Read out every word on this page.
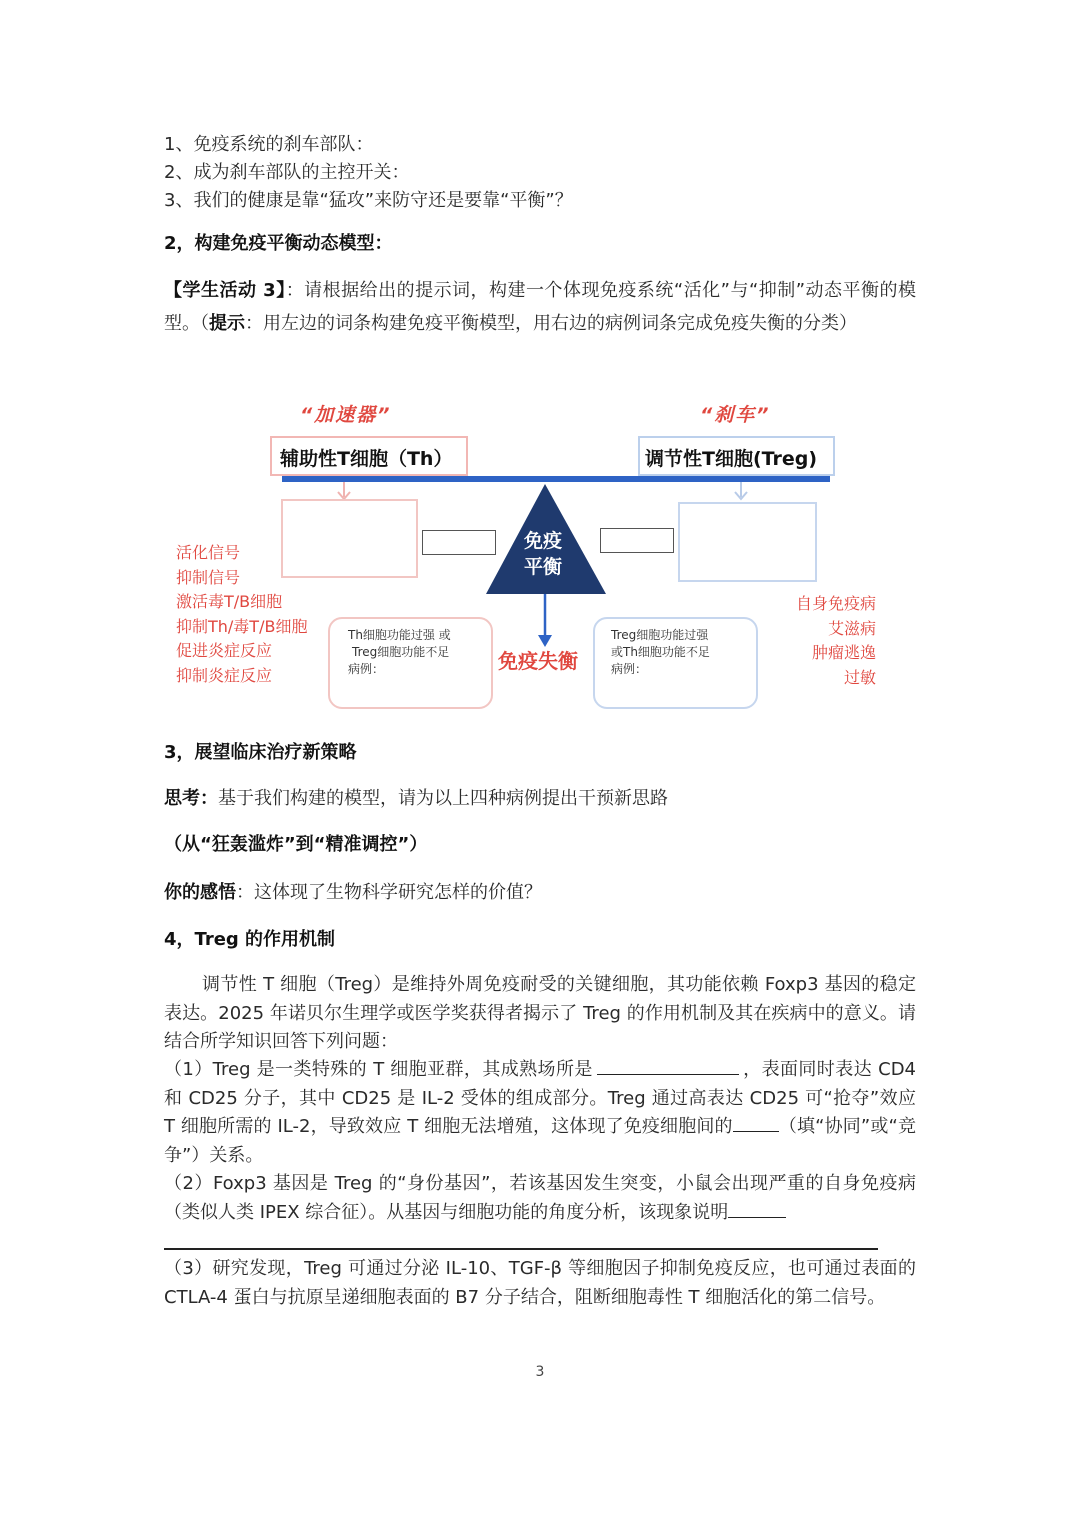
1、免疫系统的刹车部队：
2、成为刹车部队的主控开关：
3、我们的健康是靠“猛攻”来防守还是要靠“平衡”？
2，构建免疫平衡动态模型：
【学生活动 3】：请根据给出的提示词，构建一个体现免疫系统“活化”与“抑制”动态平衡的模型。（提示：用左边的词条构建免疫平衡模型，用右边的病例词条完成免疫失衡的分类）
“加速器”	“刹车”
辅助性T细胞（Th）	调节性T细胞(Treg)
免疫
平衡
活化信号
抑制信号
激活毒T/B细胞
抑制Th/毒T/B细胞
促进炎症反应
抑制炎症反应
自身免疫病
艾滋病
肿瘤逃逸
过敏
Th细胞功能过强 或
Treg细胞功能不足
病例：
Treg细胞功能过强
或Th细胞功能不足
病例：
免疫失衡
3，展望临床治疗新策略
思考：基于我们构建的模型，请为以上四种病例提出干预新思路
（从“狂轰滥炸”到“精准调控”）
你的感悟：这体现了生物科学研究怎样的价值？
4，Treg 的作用机制
调节性 T 细胞（Treg）是维持外周免疫耐受的关键细胞，其功能依赖 Foxp3 基因的稳定表达。2025 年诺贝尔生理学或医学奖获得者揭示了 Treg 的作用机制及其在疾病中的意义。请结合所学知识回答下列问题：
（1）Treg 是一类特殊的 T 细胞亚群，其成熟场所是	，表面同时表达 CD4 和 CD25 分子，其中 CD25 是 IL-2 受体的组成部分。Treg 通过高表达 CD25 可“抢夺”效应 T 细胞所需的 IL-2，导致效应 T 细胞无法增殖，这体现了免疫细胞间的	（填“协同”或“竞争”）关系。
（2）Foxp3 基因是 Treg 的“身份基因”，若该基因发生突变，小鼠会出现严重的自身免疫病（类似人类 IPEX 综合征）。从基因与细胞功能的角度分析，该现象说明
（3）研究发现，Treg 可通过分泌 IL-10、TGF-β 等细胞因子抑制免疫反应，也可通过表面的 CTLA-4 蛋白与抗原呈递细胞表面的 B7 分子结合，阻断细胞毒性 T 细胞活化的第二信号。
3
